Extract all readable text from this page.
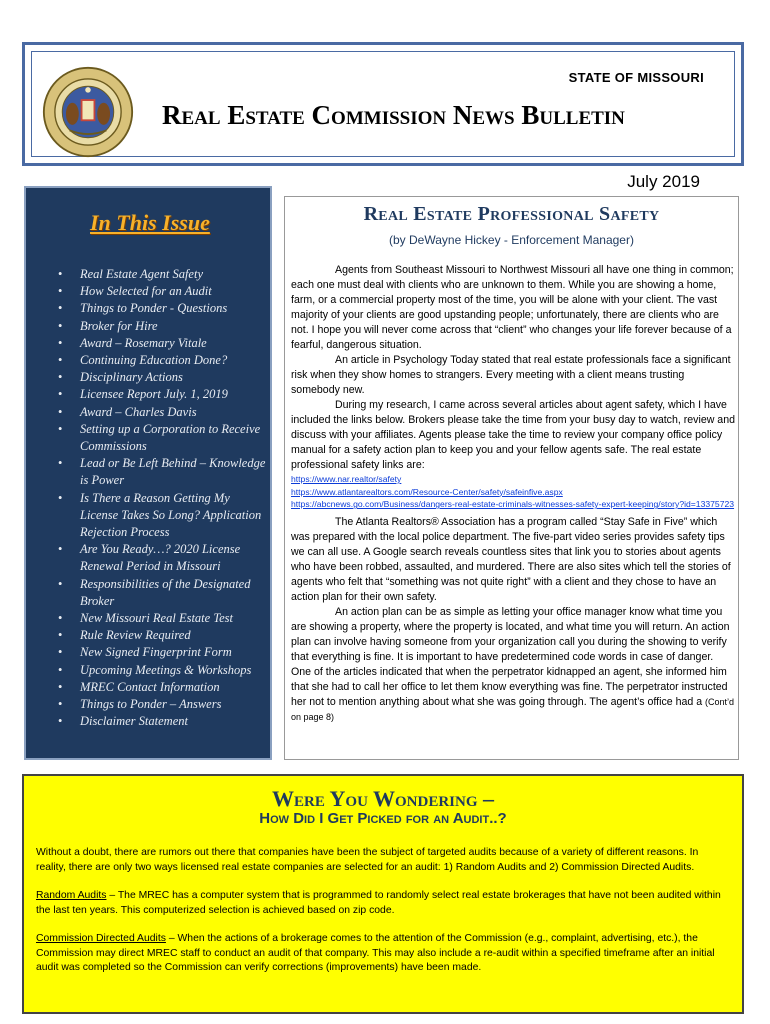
STATE OF MISSOURI
Real Estate Commission News Bulletin
July 2019
In This Issue
• Real Estate Agent Safety
• How Selected for an Audit
• Things to Ponder - Questions
• Broker for Hire
• Award – Rosemary Vitale
• Continuing Education Done?
• Disciplinary Actions
• Licensee Report July. 1, 2019
• Award – Charles Davis
• Setting up a Corporation to Receive Commissions
• Lead or Be Left Behind – Knowledge is Power
• Is There a Reason Getting My License Takes So Long? Application Rejection Process
• Are You Ready…? 2020 License Renewal Period in Missouri
• Responsibilities of the Designated Broker
• New Missouri Real Estate Test
• Rule Review Required
• New Signed Fingerprint Form
• Upcoming Meetings & Workshops
• MREC Contact Information
• Things to Ponder – Answers
• Disclaimer Statement
Real Estate Professional Safety
(by DeWayne Hickey - Enforcement Manager)

Agents from Southeast Missouri to Northwest Missouri all have one thing in common; each one must deal with clients who are unknown to them. While you are showing a home, farm, or a commercial property most of the time, you will be alone with your client. The vast majority of your clients are good upstanding people; unfortunately, there are clients who are not. I hope you will never come across that “client” who changes your life forever because of a fearful, dangerous situation.

An article in Psychology Today stated that real estate professionals face a significant risk when they show homes to strangers. Every meeting with a client means trusting somebody new.

During my research, I came across several articles about agent safety, which I have included the links below. Brokers please take the time from your busy day to watch, review and discuss with your affiliates. Agents please take the time to review your company office policy manual for a safety action plan to keep you and your fellow agents safe. The real estate professional safety links are:

https://www.nar.realtor/safety
https://www.atlantarealtors.com/Resource-Center/safety/safeinfive.aspx
https://abcnews.go.com/Business/dangers-real-estate-criminals-witnesses-safety-expert-keeping/story?id=13375723

The Atlanta Realtors® Association has a program called “Stay Safe in Five” which was prepared with the local police department. The five-part video series provides safety tips we can all use. A Google search reveals countless sites that link you to stories about agents who have been robbed, assaulted, and murdered. There are also sites which tell the stories of agents who felt that “something was not quite right” with a client and they chose to have an action plan for their own safety.

An action plan can be as simple as letting your office manager know what time you are showing a property, where the property is located, and what time you will return. An action plan can involve having someone from your organization call you during the showing to verify that everything is fine. It is important to have predetermined code words in case of danger. One of the articles indicated that when the perpetrator kidnapped an agent, she informed him that she had to call her office to let them know everything was fine. The perpetrator instructed her not to mention anything about what she was going through. The agent’s office had a (Cont’d on page 8)

Were You Wondering –
How Did I Get Picked for an Audit..?

Without a doubt, there are rumors out there that companies have been the subject of targeted audits because of a variety of different reasons. In reality, there are only two ways licensed real estate companies are selected for an audit: 1) Random Audits and 2) Commission Directed Audits.

Random Audits – The MREC has a computer system that is programmed to randomly select real estate brokerages that have not been audited within the last ten years. This computerized selection is achieved based on zip code.

Commission Directed Audits – When the actions of a brokerage comes to the attention of the Commission (e.g., complaint, advertising, etc.), the Commission may direct MREC staff to conduct an audit of that company. This may also include a re-audit within a specified timeframe after an initial audit was completed so the Commission can verify corrections (improvements) have been made.
